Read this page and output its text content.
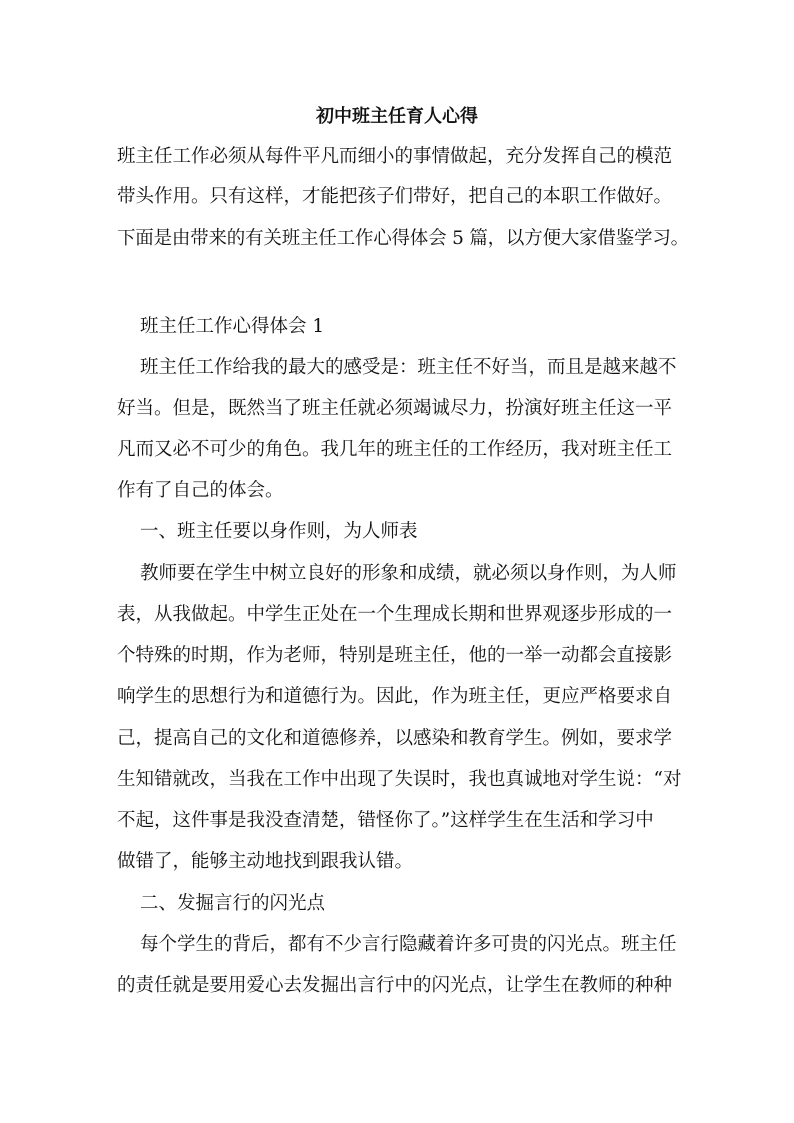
初中班主任育人心得
班主任工作必须从每件平凡而细小的事情做起，充分发挥自己的模范
带头作用。只有这样，才能把孩子们带好，把自己的本职工作做好。
下面是由带来的有关班主任工作心得体会 5 篇，以方便大家借鉴学习。
班主任工作心得体会 1
班主任工作给我的最大的感受是：班主任不好当，而且是越来越不
好当。但是，既然当了班主任就必须竭诚尽力，扮演好班主任这一平
凡而又必不可少的角色。我几年的班主任的工作经历，我对班主任工
作有了自己的体会。
一、班主任要以身作则，为人师表
教师要在学生中树立良好的形象和成绩，就必须以身作则，为人师
表，从我做起。中学生正处在一个生理成长期和世界观逐步形成的一
个特殊的时期，作为老师，特别是班主任，他的一举一动都会直接影
响学生的思想行为和道德行为。因此，作为班主任，更应严格要求自
己，提高自己的文化和道德修养，以感染和教育学生。例如，要求学
生知错就改，当我在工作中出现了失误时，我也真诚地对学生说：“对
不起，这件事是我没查清楚，错怪你了。”这样学生在生活和学习中
做错了，能够主动地找到跟我认错。
二、发掘言行的闪光点
每个学生的背后，都有不少言行隐藏着许多可贵的闪光点。班主任
的责任就是要用爱心去发掘出言行中的闪光点，让学生在教师的种种
